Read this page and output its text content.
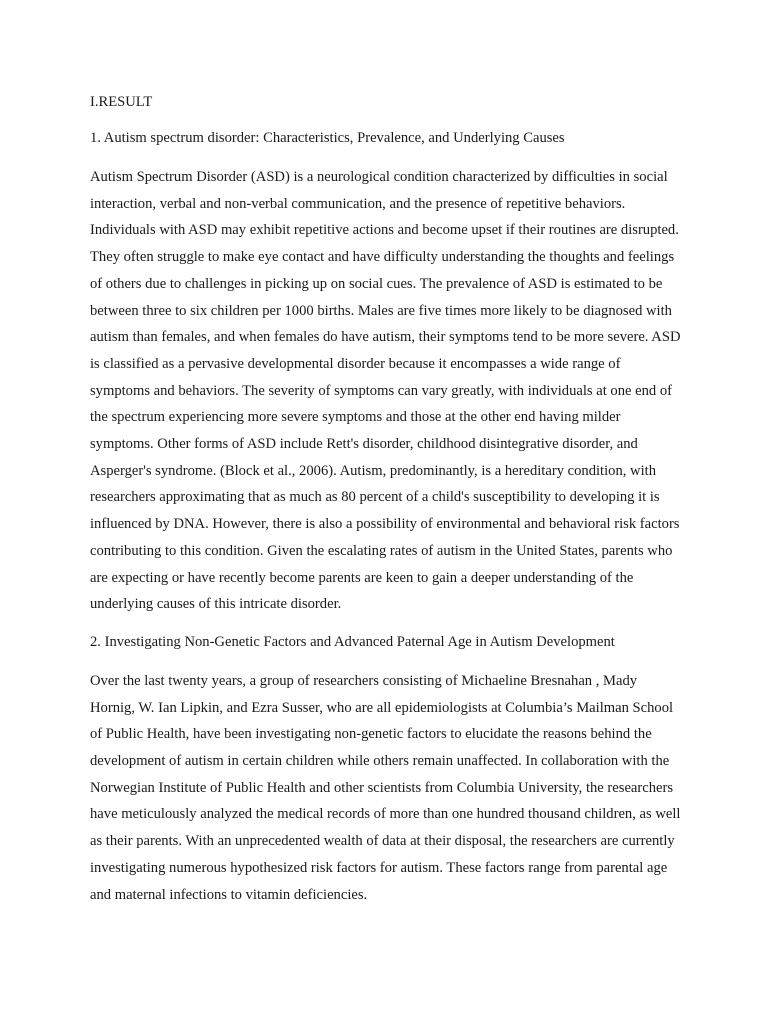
I.RESULT
1. Autism spectrum disorder: Characteristics, Prevalence, and Underlying Causes

Autism Spectrum Disorder (ASD) is a neurological condition characterized by difficulties in social interaction, verbal and non-verbal communication, and the presence of repetitive behaviors. Individuals with ASD may exhibit repetitive actions and become upset if their routines are disrupted. They often struggle to make eye contact and have difficulty understanding the thoughts and feelings of others due to challenges in picking up on social cues. The prevalence of ASD is estimated to be between three to six children per 1000 births. Males are five times more likely to be diagnosed with autism than females, and when females do have autism, their symptoms tend to be more severe. ASD is classified as a pervasive developmental disorder because it encompasses a wide range of symptoms and behaviors. The severity of symptoms can vary greatly, with individuals at one end of the spectrum experiencing more severe symptoms and those at the other end having milder symptoms. Other forms of ASD include Rett's disorder, childhood disintegrative disorder, and Asperger's syndrome. (Block et al., 2006). Autism, predominantly, is a hereditary condition, with researchers approximating that as much as 80 percent of a child's susceptibility to developing it is influenced by DNA. However, there is also a possibility of environmental and behavioral risk factors contributing to this condition. Given the escalating rates of autism in the United States, parents who are expecting or have recently become parents are keen to gain a deeper understanding of the underlying causes of this intricate disorder.

2. Investigating Non-Genetic Factors and Advanced Paternal Age in Autism Development

Over the last twenty years, a group of researchers consisting of Michaeline Bresnahan , Mady Hornig, W. Ian Lipkin, and Ezra Susser, who are all epidemiologists at Columbia’s Mailman School of Public Health, have been investigating non-genetic factors to elucidate the reasons behind the development of autism in certain children while others remain unaffected. In collaboration with the Norwegian Institute of Public Health and other scientists from Columbia University, the researchers have meticulously analyzed the medical records of more than one hundred thousand children, as well as their parents. With an unprecedented wealth of data at their disposal, the researchers are currently investigating numerous hypothesized risk factors for autism. These factors range from parental age and maternal infections to vitamin deficiencies.
